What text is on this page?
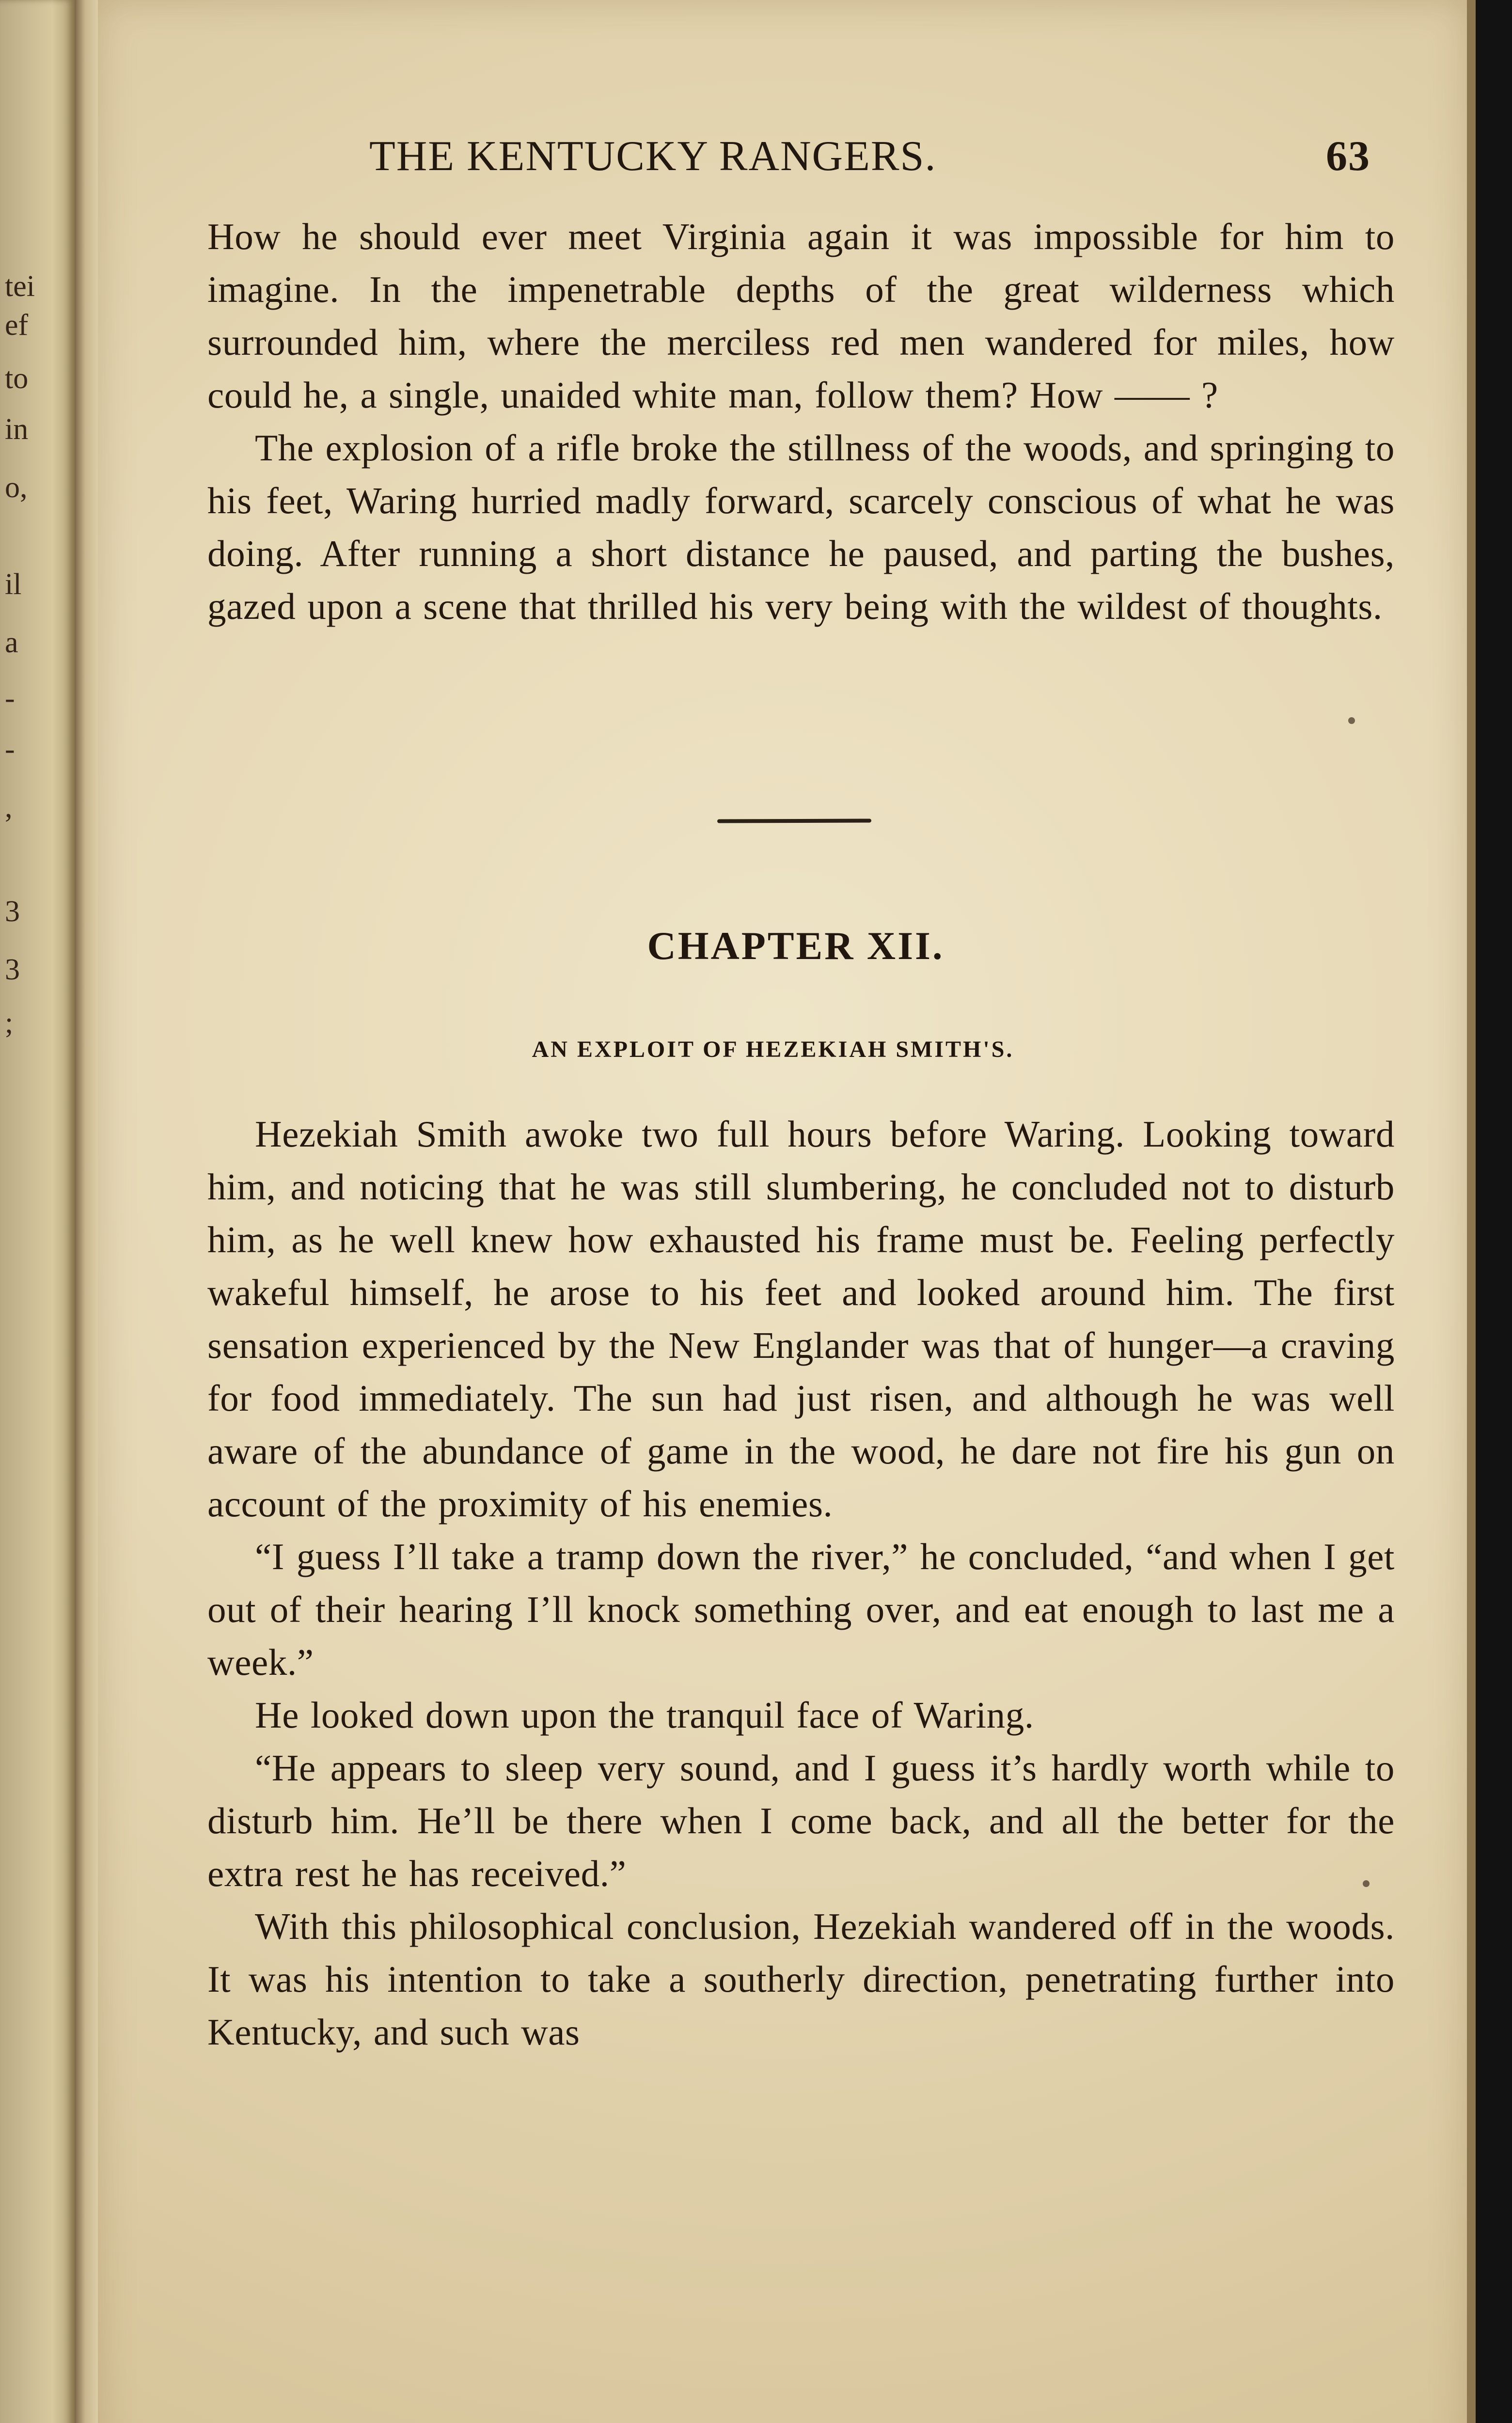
tei
ef
to
in
o,
il
a
-
-
,
3
3
;
THE KENTUCKY RANGERS.	63

How he should ever meet Virginia again it was impossible for him to imagine. In the impenetrable depths of the great wilderness which surrounded him, where the merciless red men wandered for miles, how could he, a single, unaided white man, follow them? How —— ?

The explosion of a rifle broke the stillness of the woods, and springing to his feet, Waring hurried madly forward, scarcely conscious of what he was doing. After running a short distance he paused, and parting the bushes, gazed upon a scene that thrilled his very being with the wildest of thoughts.

CHAPTER XII.
AN EXPLOIT OF HEZEKIAH SMITH'S.

Hezekiah Smith awoke two full hours before Waring. Looking toward him, and noticing that he was still slumbering, he concluded not to disturb him, as he well knew how exhausted his frame must be. Feeling perfectly wakeful himself, he arose to his feet and looked around him. The first sensation experienced by the New Englander was that of hunger—a craving for food immediately. The sun had just risen, and although he was well aware of the abundance of game in the wood, he dare not fire his gun on account of the proximity of his enemies.

“I guess I’ll take a tramp down the river,” he concluded, “and when I get out of their hearing I’ll knock something over, and eat enough to last me a week.”

He looked down upon the tranquil face of Waring.

“He appears to sleep very sound, and I guess it’s hardly worth while to disturb him. He’ll be there when I come back, and all the better for the extra rest he has received.”

With this philosophical conclusion, Hezekiah wandered off in the woods. It was his intention to take a southerly direction, penetrating further into Kentucky, and such was
